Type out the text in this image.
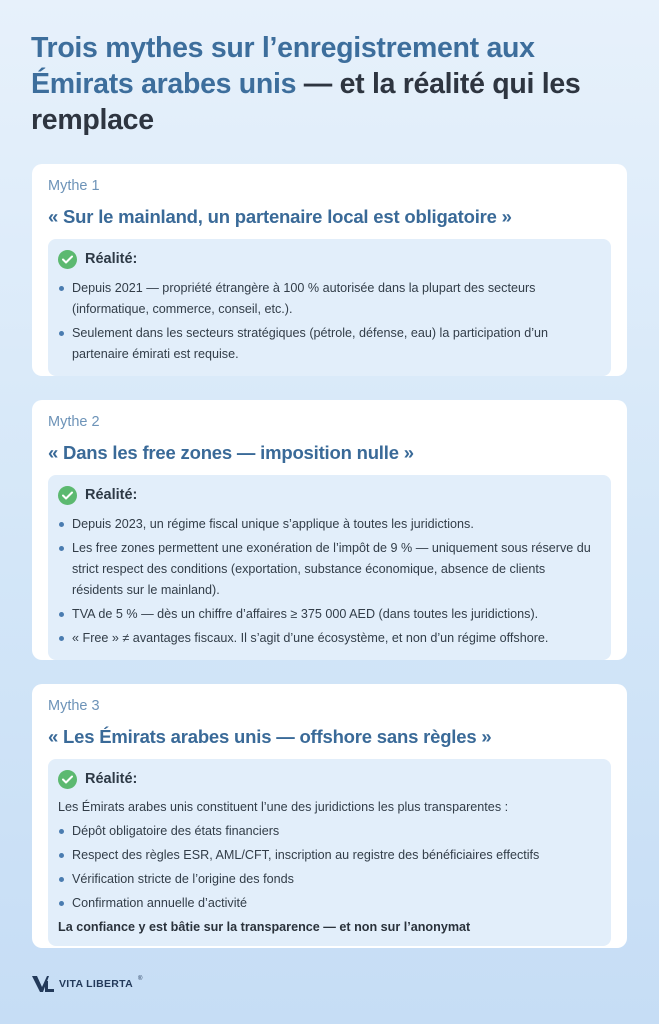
Trois mythes sur l’enregistrement aux Émirats arabes unis — et la réalité qui les remplace
Mythe 1
« Sur le mainland, un partenaire local est obligatoire »
Réalité:
Depuis 2021 — propriété étrangère à 100 % autorisée dans la plupart des secteurs (informatique, commerce, conseil, etc.).
Seulement dans les secteurs stratégiques (pétrole, défense, eau) la participation d’un partenaire émirati est requise.
Mythe 2
« Dans les free zones — imposition nulle »
Réalité:
Depuis 2023, un régime fiscal unique s’applique à toutes les juridictions.
Les free zones permettent une exonération de l’impôt de 9 % — uniquement sous réserve du strict respect des conditions (exportation, substance économique, absence de clients résidents sur le mainland).
TVA de 5 % — dès un chiffre d’affaires ≥ 375 000 AED (dans toutes les juridictions).
« Free » ≠ avantages fiscaux. Il s’agit d’une écosystème, et non d’un régime offshore.
Mythe 3
« Les Émirats arabes unis — offshore sans règles »
Réalité:
Les Émirats arabes unis constituent l’une des juridictions les plus transparentes :
Dépôt obligatoire des états financiers
Respect des règles ESR, AML/CFT, inscription au registre des bénéficiaires effectifs
Vérification stricte de l’origine des fonds
Confirmation annuelle d’activité
La confiance y est bâtie sur la transparence — et non sur l’anonymat
VITA LIBERTA ®
